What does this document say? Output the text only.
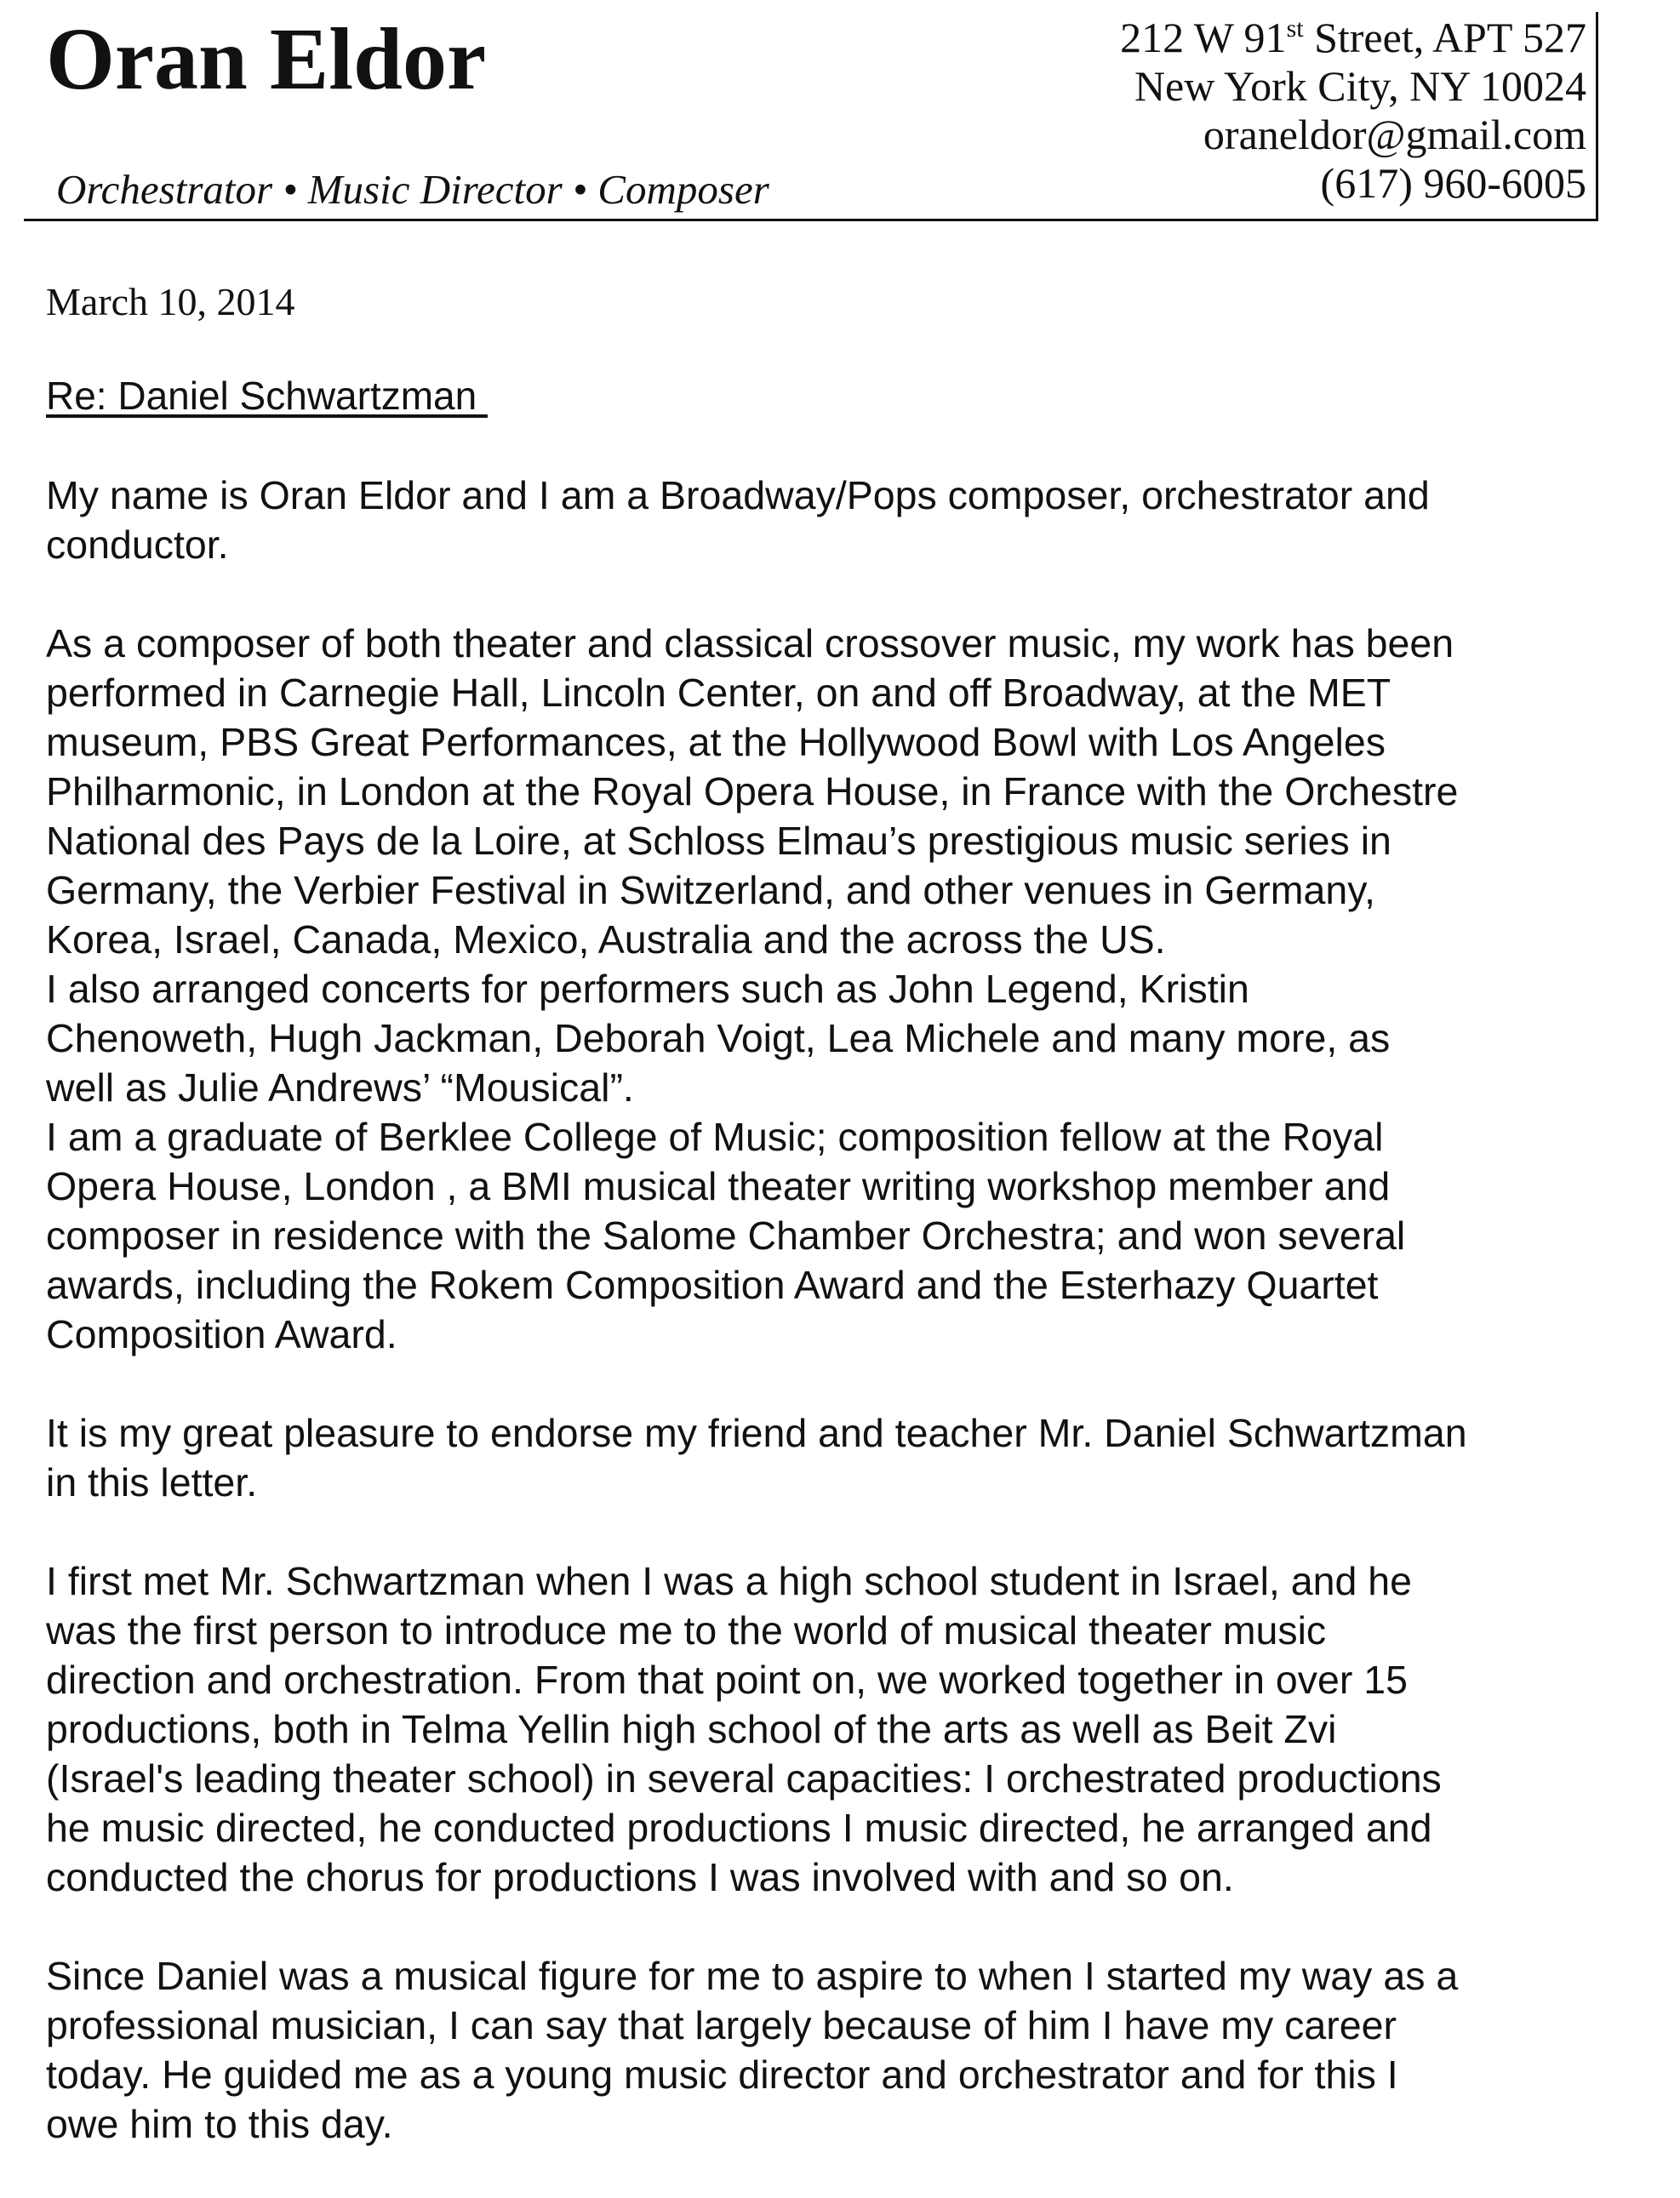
Oran Eldor
Orchestrator • Music Director • Composer
212 W 91st Street, APT 527
New York City, NY 10024
oraneldor@gmail.com
(617) 960-6005
March 10, 2014
Re: Daniel Schwartzman

My name is Oran Eldor and I am a Broadway/Pops composer, orchestrator and
conductor.

As a composer of both theater and classical crossover music, my work has been
performed in Carnegie Hall, Lincoln Center, on and off Broadway, at the MET
museum, PBS Great Performances, at the Hollywood Bowl with Los Angeles
Philharmonic, in London at the Royal Opera House, in France with the Orchestre
National des Pays de la Loire, at Schloss Elmau’s prestigious music series in
Germany, the Verbier Festival in Switzerland, and other venues in Germany,
Korea, Israel, Canada, Mexico, Australia and the across the US.

I also arranged concerts for performers such as John Legend, Kristin
Chenoweth, Hugh Jackman, Deborah Voigt, Lea Michele and many more, as
well as Julie Andrews’ “Mousical”.

I am a graduate of Berklee College of Music; composition fellow at the Royal
Opera House, London , a BMI musical theater writing workshop member and
composer in residence with the Salome Chamber Orchestra; and won several
awards, including the Rokem Composition Award and the Esterhazy Quartet
Composition Award.

It is my great pleasure to endorse my friend and teacher Mr. Daniel Schwartzman
in this letter.

I first met Mr. Schwartzman when I was a high school student in Israel, and he
was the first person to introduce me to the world of musical theater music
direction and orchestration. From that point on, we worked together in over 15
productions, both in Telma Yellin high school of the arts as well as Beit Zvi
(Israel's leading theater school) in several capacities: I orchestrated productions
he music directed, he conducted productions I music directed, he arranged and
conducted the chorus for productions I was involved with and so on.

Since Daniel was a musical figure for me to aspire to when I started my way as a
professional musician, I can say that largely because of him I have my career
today. He guided me as a young music director and orchestrator and for this I
owe him to this day.
